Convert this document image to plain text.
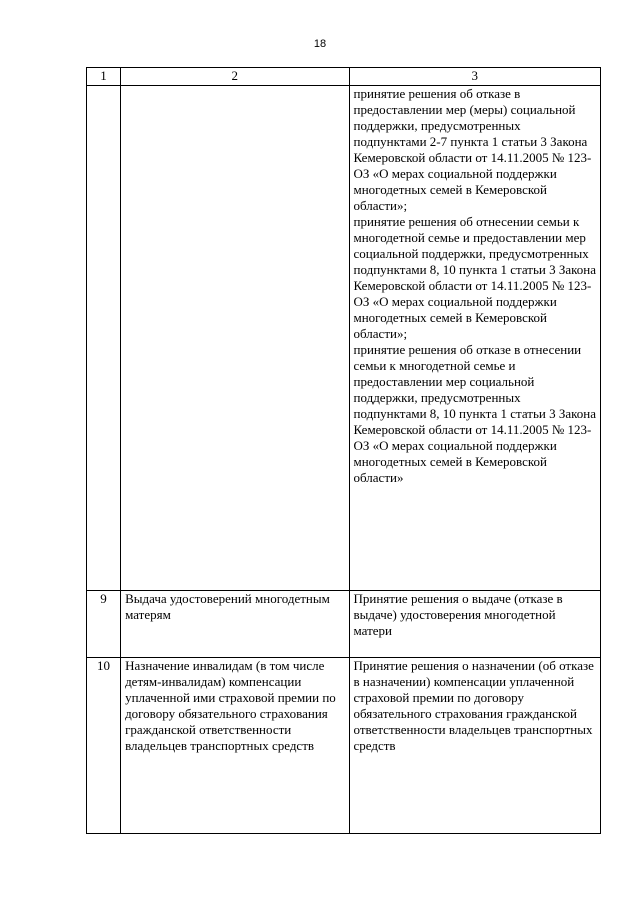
18
1	2	3

		принятие решения об отказе в предоставлении мер (меры) социальной поддержки, предусмотренных подпунктами 2-7 пункта 1 статьи 3 Закона Кемеровской области от 14.11.2005 № 123-ОЗ «О мерах социальной поддержки многодетных семей в Кемеровской области»;
принятие решения об отнесении семьи к многодетной семье и предоставлении мер социальной поддержки, предусмотренных подпунктами 8, 10 пункта 1 статьи 3 Закона Кемеровской области от 14.11.2005 № 123-ОЗ «О мерах социальной поддержки многодетных семей в Кемеровской области»;
принятие решения об отказе в отнесении семьи к многодетной семье и предоставлении мер социальной поддержки, предусмотренных подпунктами 8, 10 пункта 1 статьи 3 Закона Кемеровской области от 14.11.2005 № 123-ОЗ «О мерах социальной поддержки многодетных семей в Кемеровской области»

9	Выдача удостоверений многодетным матерям	Принятие решения о выдаче (отказе в выдаче) удостоверения многодетной матери
10	Назначение инвалидам (в том числе детям-инвалидам) компенсации уплаченной ими страховой премии по договору обязательного страхования гражданской ответственности владельцев транспортных средств	Принятие решения о назначении (об отказе в назначении) компенсации уплаченной страховой премии по договору обязательного страхования гражданской ответственности владельцев транспортных средств
